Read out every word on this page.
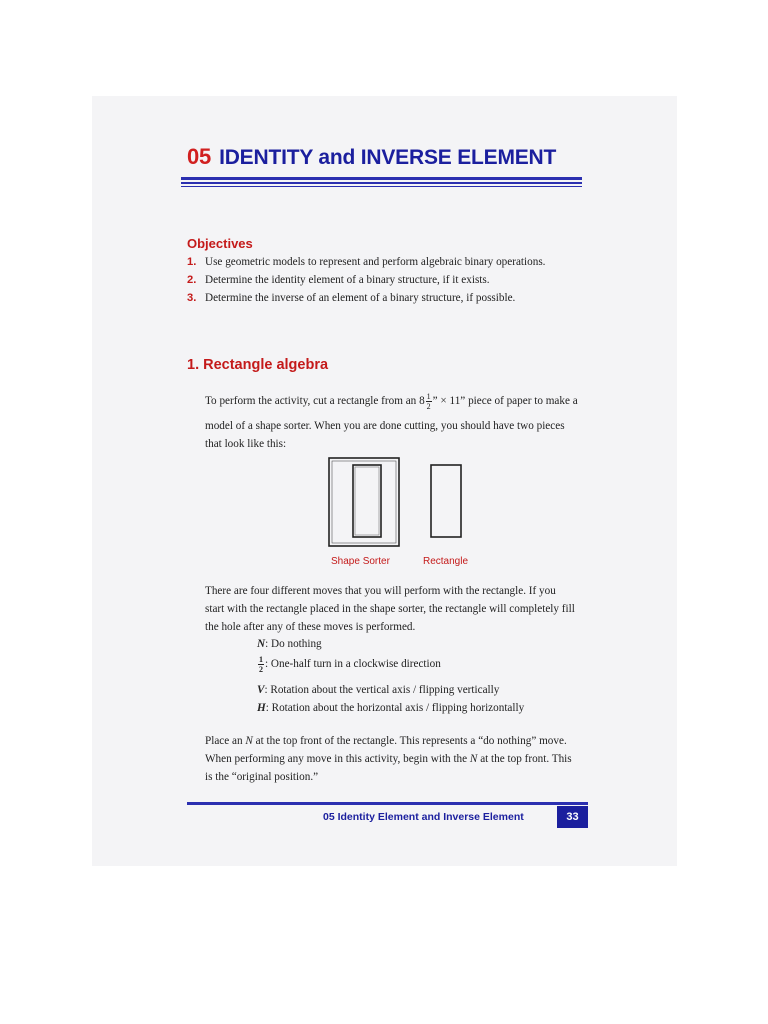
05 IDENTITY and INVERSE ELEMENT
Objectives
1. Use geometric models to represent and perform algebraic binary operations.
2. Determine the identity element of a binary structure, if it exists.
3. Determine the inverse of an element of a binary structure, if possible.
1. Rectangle algebra
To perform the activity, cut a rectangle from an $8 \frac{1}{2}$ ” × 11” piece of paper to make a
model of a shape sorter. When you are done cutting, you should have two pieces
that look like this:
Shape Sorter	Rectangle
There are four different moves that you will perform with the rectangle. If you
start with the rectangle placed in the shape sorter, the rectangle will completely fill
the hole after any of these moves is performed.
N: Do nothing
$\frac{1}{2}$ : One-half turn in a clockwise direction
V: Rotation about the vertical axis / flipping vertically
H: Rotation about the horizontal axis / flipping horizontally
Place an N at the top front of the rectangle. This represents a “do nothing” move.
When performing any move in this activity, begin with the N at the top front. This
is the “original position.”
05 Identity Element and Inverse Element	33
